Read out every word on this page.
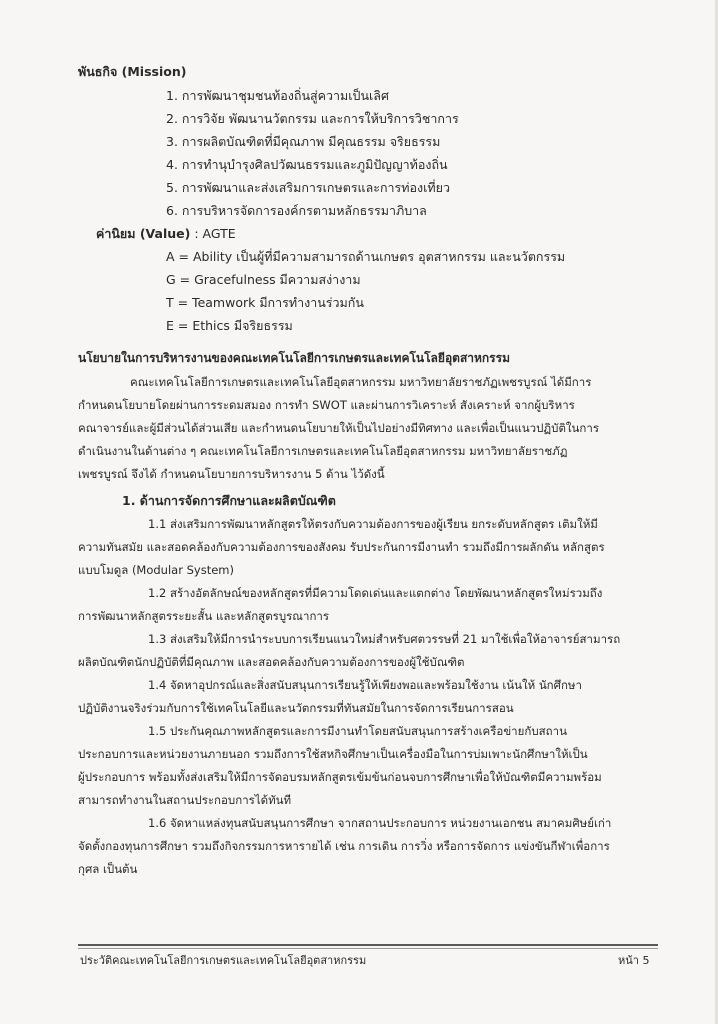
พันธกิจ (Mission)
1. การพัฒนาชุมชนท้องถิ่นสู่ความเป็นเลิศ
2. การวิจัย พัฒนานวัตกรรม และการให้บริการวิชาการ
3. การผลิตบัณฑิตที่มีคุณภาพ มีคุณธรรม จริยธรรม
4. การทำนุบำรุงศิลปวัฒนธรรมและภูมิปัญญาท้องถิ่น
5. การพัฒนาและส่งเสริมการเกษตรและการท่องเที่ยว
6. การบริหารจัดการองค์กรตามหลักธรรมาภิบาล
ค่านิยม (Value) : AGTE
A = Ability เป็นผู้ที่มีความสามารถด้านเกษตร อุตสาหกรรม และนวัตกรรม
G = Gracefulness มีความสง่างาม
T = Teamwork มีการทำงานร่วมกัน
E = Ethics มีจริยธรรม
นโยบายในการบริหารงานของคณะเทคโนโลยีการเกษตรและเทคโนโลยีอุตสาหกรรม
คณะเทคโนโลยีการเกษตรและเทคโนโลยีอุตสาหกรรม มหาวิทยาลัยราชภัฏเพชรบูรณ์ ได้มีการ
กำหนดนโยบายโดยผ่านการระดมสมอง การทำ SWOT และผ่านการวิเคราะห์ สังเคราะห์ จากผู้บริหาร
คณาจารย์และผู้มีส่วนได้ส่วนเสีย และกำหนดนโยบายให้เป็นไปอย่างมีทิศทาง และเพื่อเป็นแนวปฏิบัติในการ
ดำเนินงานในด้านต่าง ๆ คณะเทคโนโลยีการเกษตรและเทคโนโลยีอุตสาหกรรม มหาวิทยาลัยราชภัฏ
เพชรบูรณ์ จึงได้ กำหนดนโยบายการบริหารงาน 5 ด้าน ไว้ดังนี้
1. ด้านการจัดการศึกษาและผลิตบัณฑิต
1.1 ส่งเสริมการพัฒนาหลักสูตรให้ตรงกับความต้องการของผู้เรียน ยกระดับหลักสูตร เติมให้มี
ความทันสมัย และสอดคล้องกับความต้องการของสังคม รับประกันการมีงานทำ รวมถึงมีการผลักดัน หลักสูตร
แบบโมดูล (Modular System)
1.2 สร้างอัตลักษณ์ของหลักสูตรที่มีความโดดเด่นและแตกต่าง โดยพัฒนาหลักสูตรใหม่รวมถึง
การพัฒนาหลักสูตรระยะสั้น และหลักสูตรบูรณาการ
1.3 ส่งเสริมให้มีการนำระบบการเรียนแนวใหม่สำหรับศตวรรษที่ 21 มาใช้เพื่อให้อาจารย์สามารถ
ผลิตบัณฑิตนักปฏิบัติที่มีคุณภาพ และสอดคล้องกับความต้องการของผู้ใช้บัณฑิต
1.4 จัดหาอุปกรณ์และสิ่งสนับสนุนการเรียนรู้ให้เพียงพอและพร้อมใช้งาน เน้นให้ นักศึกษา
ปฏิบัติงานจริงร่วมกับการใช้เทคโนโลยีและนวัตกรรมที่ทันสมัยในการจัดการเรียนการสอน
1.5 ประกันคุณภาพหลักสูตรและการมีงานทำโดยสนับสนุนการสร้างเครือข่ายกับสถาน
ประกอบการและหน่วยงานภายนอก รวมถึงการใช้สหกิจศึกษาเป็นเครื่องมือในการบ่มเพาะนักศึกษาให้เป็น
ผู้ประกอบการ พร้อมทั้งส่งเสริมให้มีการจัดอบรมหลักสูตรเข้มข้นก่อนจบการศึกษาเพื่อให้บัณฑิตมีความพร้อม
สามารถทำงานในสถานประกอบการได้ทันที
1.6 จัดหาแหล่งทุนสนับสนุนการศึกษา จากสถานประกอบการ หน่วยงานเอกชน สมาคมศิษย์เก่า
จัดตั้งกองทุนการศึกษา รวมถึงกิจกรรมการหารายได้ เช่น การเดิน การวิ่ง หรือการจัดการ แข่งขันกีฬาเพื่อการ
กุศล เป็นต้น
ประวัติคณะเทคโนโลยีการเกษตรและเทคโนโลยีอุตสาหกรรม	หน้า 5
